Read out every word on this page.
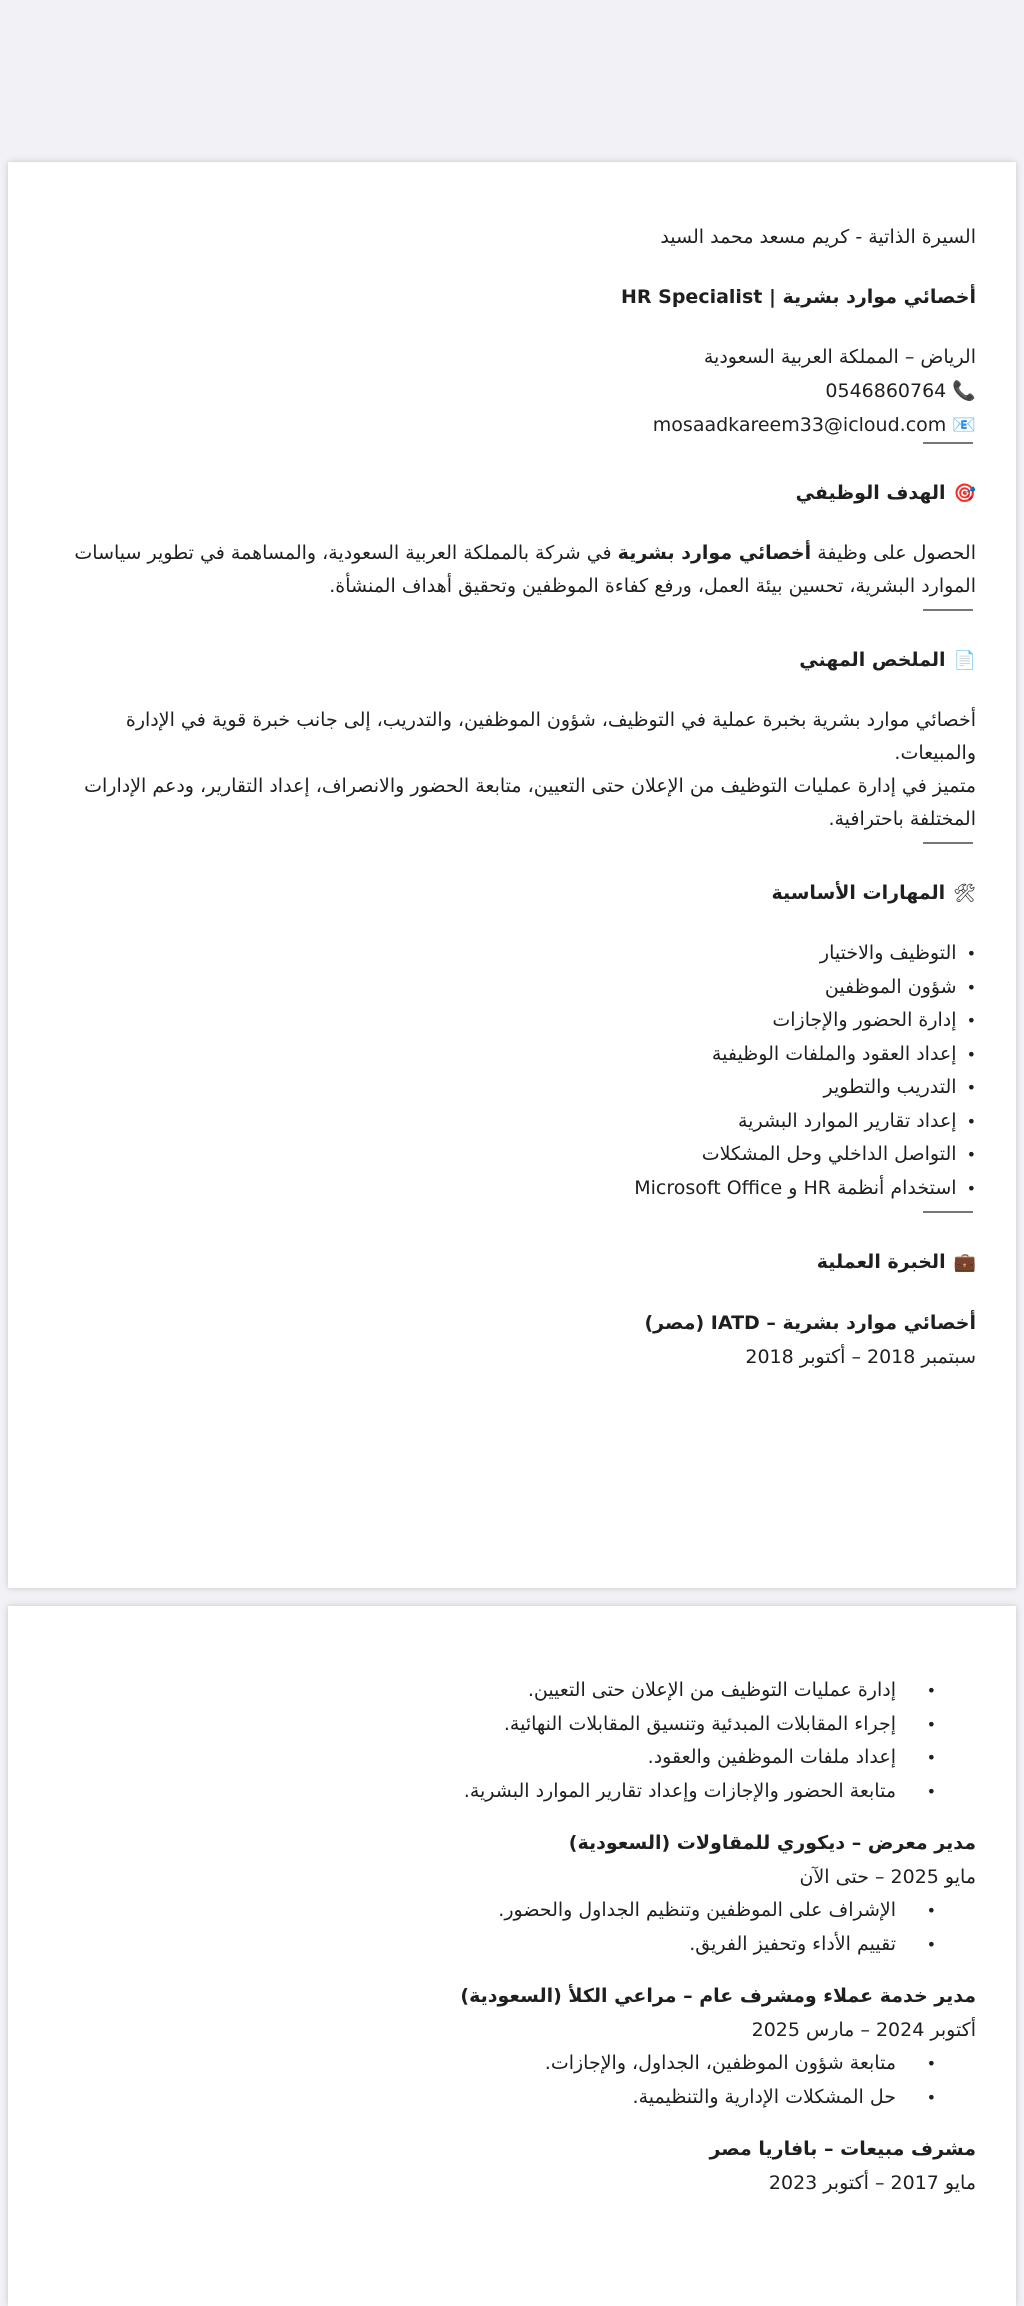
السيرة الذاتية - كريم مسعد محمد السيد

أخصائي موارد بشرية | HR Specialist

الرياض – المملكة العربية السعودية

📞 0546860764

📧 mosaadkareem33@icloud.com

🎯الهدف الوظيفي

الحصول على وظيفة أخصائي موارد بشرية في شركة بالمملكة العربية السعودية، والمساهمة في تطوير سياسات الموارد البشرية، تحسين بيئة العمل، ورفع كفاءة الموظفين وتحقيق أهداف المنشأة.

📄الملخص المهني

أخصائي موارد بشرية بخبرة عملية في التوظيف، شؤون الموظفين، والتدريب، إلى جانب خبرة قوية في الإدارة والمبيعات.

متميز في إدارة عمليات التوظيف من الإعلان حتى التعيين، متابعة الحضور والانصراف، إعداد التقارير، ودعم الإدارات المختلفة باحترافية.

🛠المهارات الأساسية

• التوظيف والاختيار
• شؤون الموظفين
• إدارة الحضور والإجازات
• إعداد العقود والملفات الوظيفية
• التدريب والتطوير
• إعداد تقارير الموارد البشرية
• التواصل الداخلي وحل المشكلات
• استخدام أنظمة HR و Microsoft Office

💼الخبرة العملية

أخصائي موارد بشرية – IATD (مصر)

سبتمبر 2018 – أكتوبر 2018

• إدارة عمليات التوظيف من الإعلان حتى التعيين.
• إجراء المقابلات المبدئية وتنسيق المقابلات النهائية.
• إعداد ملفات الموظفين والعقود.
• متابعة الحضور والإجازات وإعداد تقارير الموارد البشرية.

مدير معرض – ديكوري للمقاولات (السعودية)

مايو 2025 – حتى الآن

• الإشراف على الموظفين وتنظيم الجداول والحضور.
• تقييم الأداء وتحفيز الفريق.

مدير خدمة عملاء ومشرف عام – مراعي الكلأ (السعودية)

أكتوبر 2024 – مارس 2025

• متابعة شؤون الموظفين، الجداول، والإجازات.
• حل المشكلات الإدارية والتنظيمية.

مشرف مبيعات – بافاريا مصر

مايو 2017 – أكتوبر 2023
